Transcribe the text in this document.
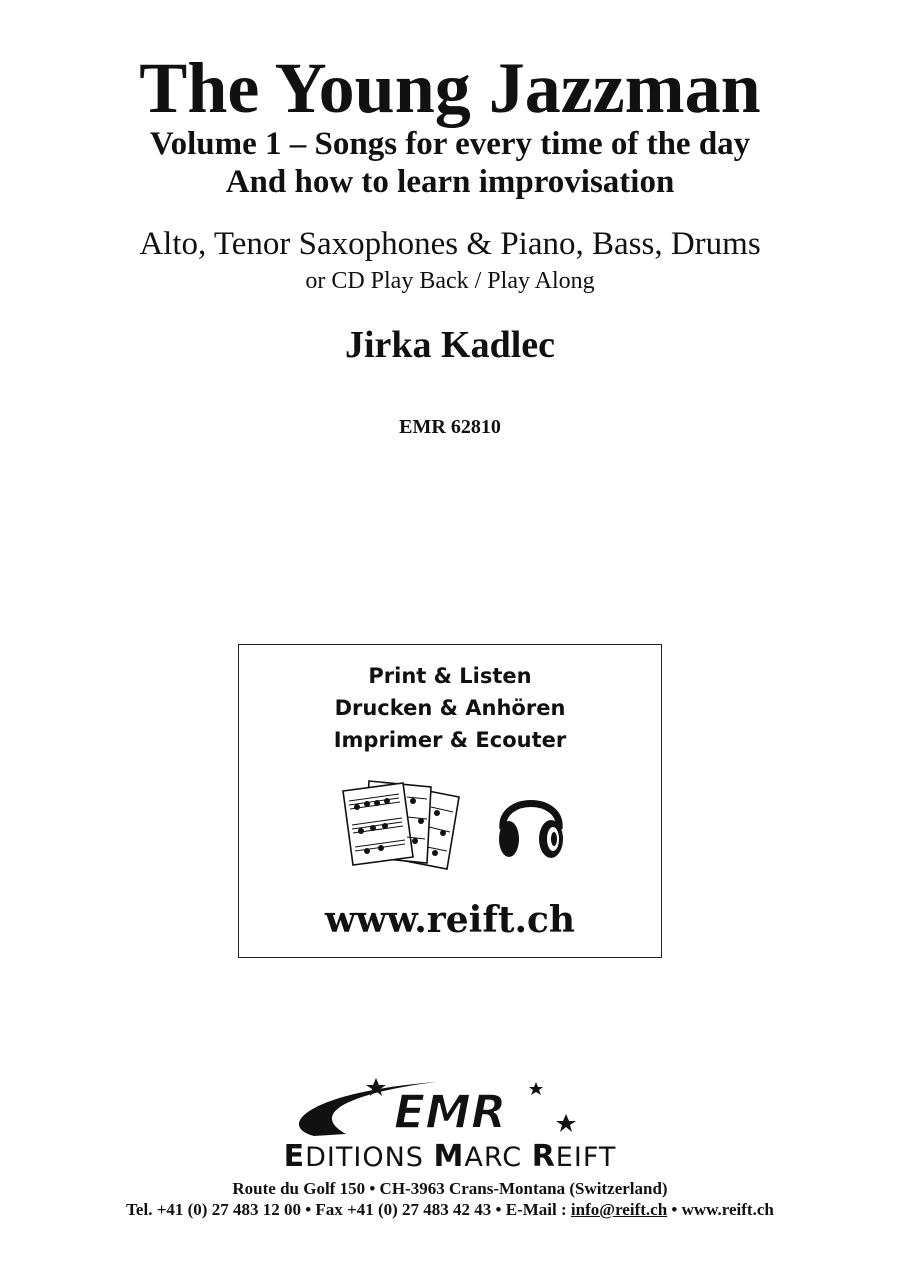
The Young Jazzman
Volume 1 – Songs for every time of the day
And how to learn improvisation
Alto, Tenor Saxophones & Piano, Bass, Drums
or CD Play Back / Play Along
Jirka Kadlec
EMR 62810
Print & Listen
Drucken & Anhören
Imprimer & Ecouter
www.reift.ch
EMR
EDITIONS MARC REIFT
Route du Golf 150 • CH-3963 Crans-Montana (Switzerland)
Tel. +41 (0) 27 483 12 00 • Fax +41 (0) 27 483 42 43 • E-Mail : info@reift.ch • www.reift.ch
